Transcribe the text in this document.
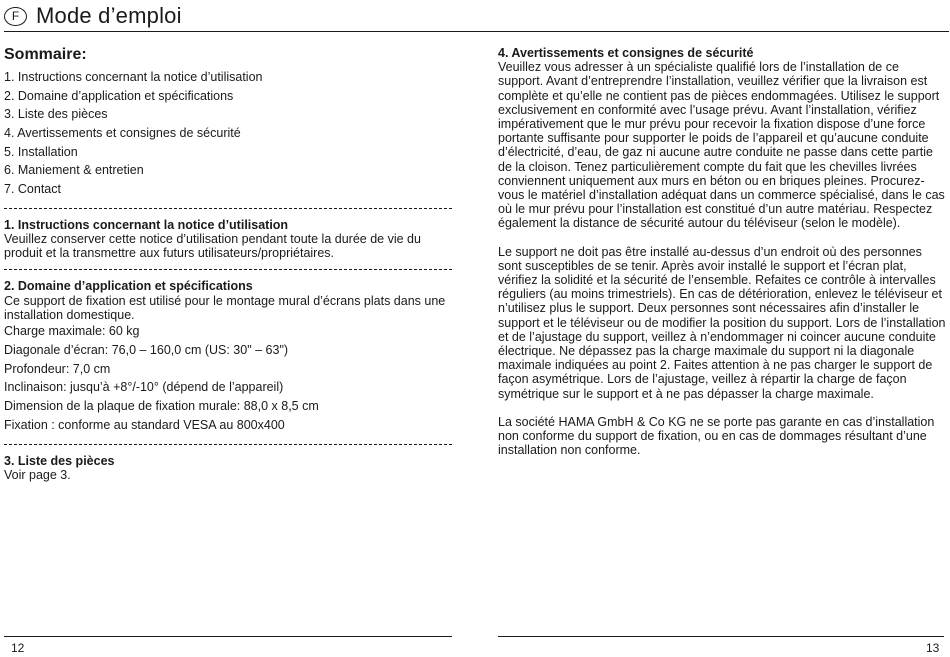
F Mode d’emploi
Sommaire:
1. Instructions concernant la notice d’utilisation
2. Domaine d’application et spécifications
3. Liste des pièces
4. Avertissements et consignes de sécurité
5. Installation
6. Maniement & entretien
7. Contact

1. Instructions concernant la notice d’utilisation

Veuillez conserver cette notice d’utilisation pendant toute la durée de vie du produit et la transmettre aux futurs utilisateurs/propriétaires.

2. Domaine d’application et spécifications

Ce support de fixation est utilisé pour le montage mural d’écrans plats dans une installation domestique.

Charge maximale: 60 kg
Diagonale d’écran: 76,0 – 160,0 cm (US: 30" – 63")
Profondeur: 7,0 cm
Inclinaison: jusqu’à +8°/-10° (dépend de l’appareil)
Dimension de la plaque de fixation murale: 88,0 x 8,5 cm
Fixation : conforme au standard VESA au 800x400

3. Liste des pièces

Voir page 3.

4. Avertissements et consignes de sécurité

Veuillez vous adresser à un spécialiste qualifié lors de l’installation de ce support. Avant d’entreprendre l’installation, veuillez vérifier que la livraison est complète et qu’elle ne contient pas de pièces endommagées. Utilisez le support exclusivement en conformité avec l’usage prévu. Avant l’installation, vérifiez impérativement que le mur prévu pour recevoir la fixation dispose d’une force portante suffisante pour supporter le poids de l’appareil et qu’aucune conduite d’électricité, d’eau, de gaz ni aucune autre conduite ne passe dans cette partie de la cloison. Tenez particulièrement compte du fait que les chevilles livrées conviennent uniquement aux murs en béton ou en briques pleines. Procurez-vous le matériel d’installation adéquat dans un commerce spécialisé, dans le cas où le mur prévu pour l’installation est constitué d’un autre matériau. Respectez également la distance de sécurité autour du téléviseur (selon le modèle).

Le support ne doit pas être installé au-dessus d’un endroit où des personnes sont susceptibles de se tenir. Après avoir installé le support et l’écran plat, vérifiez la solidité et la sécurité de l’ensemble. Refaites ce contrôle à intervalles réguliers (au moins trimestriels). En cas de détérioration, enlevez le téléviseur et n’utilisez plus le support. Deux personnes sont nécessaires afin d’installer le support et le téléviseur ou de modifier la position du support. Lors de l’installation et de l’ajustage du support, veillez à n’endommager ni coincer aucune conduite électrique. Ne dépassez pas la charge maximale du support ni la diagonale maximale indiquées au point 2. Faites attention à ne pas charger le support de façon asymétrique. Lors de l’ajustage, veillez à répartir la charge de façon symétrique sur le support et à ne pas dépasser la charge maximale.

La société HAMA GmbH & Co KG ne se porte pas garante en cas d’installation non conforme du support de fixation, ou en cas de dommages résultant d’une installation non conforme.

12	13
